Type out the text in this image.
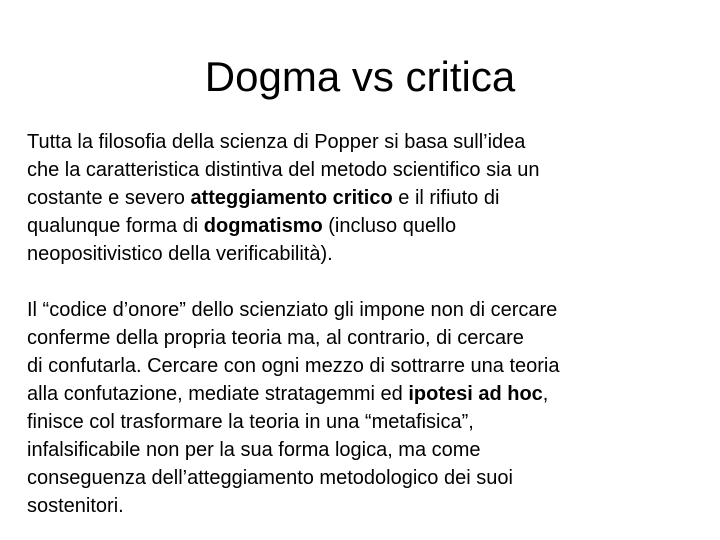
Dogma vs critica

Tutta la filosofia della scienza di Popper si basa sull’idea
che la caratteristica distintiva del metodo scientifico sia un
costante e severo atteggiamento critico e il rifiuto di
qualunque forma di dogmatismo (incluso quello
neopositivistico della verificabilità).

Il “codice d’onore” dello scienziato gli impone non di cercare
conferme della propria teoria ma, al contrario, di cercare
di confutarla. Cercare con ogni mezzo di sottrarre una teoria
alla confutazione, mediate stratagemmi ed ipotesi ad hoc,
finisce col trasformare la teoria in una “metafisica”,
infalsificabile non per la sua forma logica, ma come
conseguenza dell’atteggiamento metodologico dei suoi
sostenitori.
